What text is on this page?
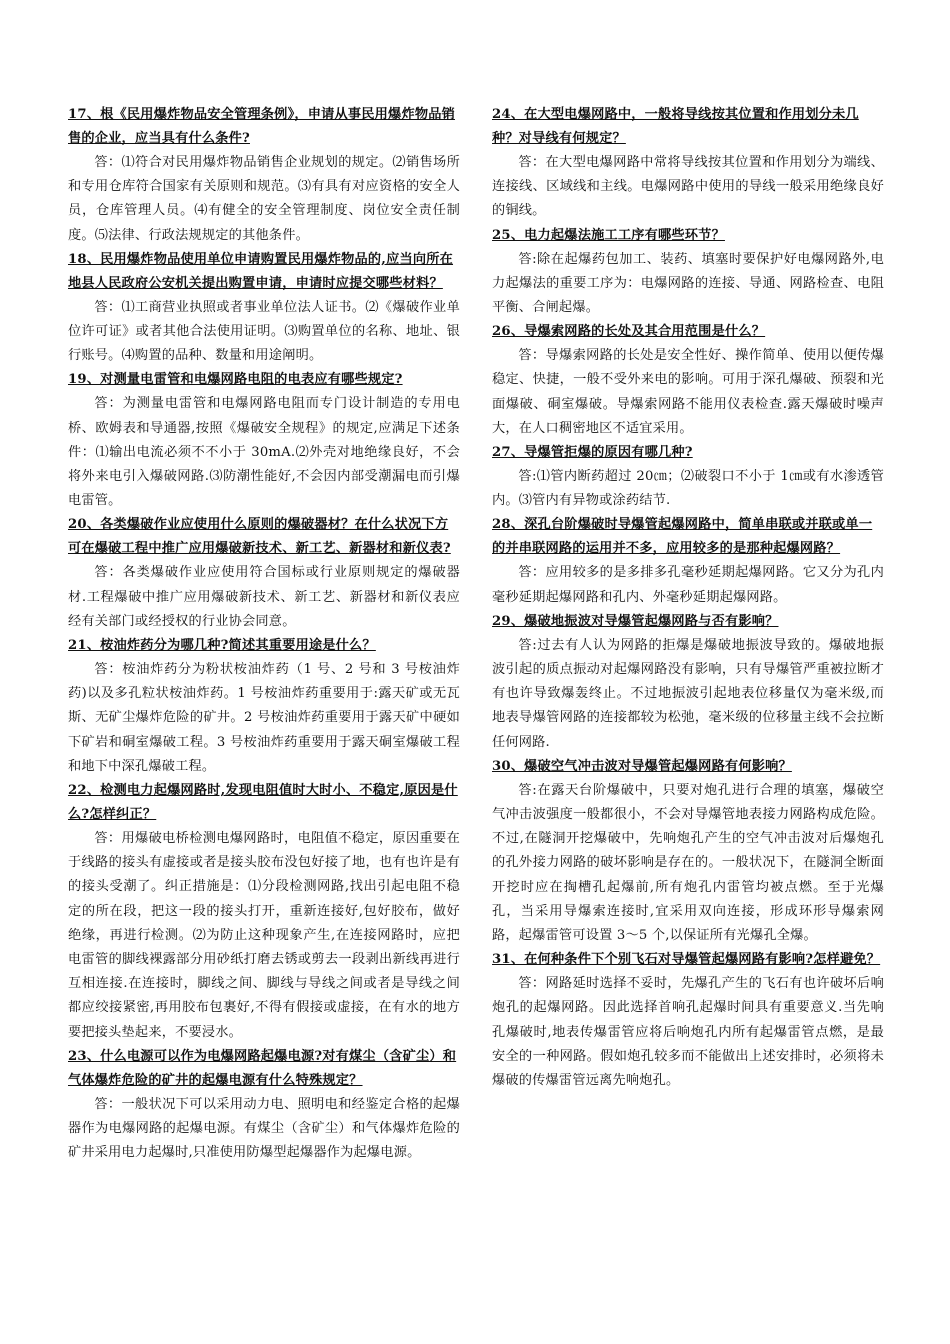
17、根《民用爆炸物品安全管理条例》，申请从事民用爆炸物品销售的企业，应当具有什么条件?

答：⑴符合对民用爆炸物品销售企业规划的规定。⑵销售场所和专用仓库符合国家有关原则和规范。⑶有具有对应资格的安全人员，仓库管理人员。⑷有健全的安全管理制度、岗位安全责任制度。⑸法律、行政法规规定的其他条件。

18、民用爆炸物品使用单位申请购置民用爆炸物品的,应当向所在地县人民政府公安机关提出购置申请，申请时应提交哪些材料？

答：⑴工商营业执照或者事业单位法人证书。⑵《爆破作业单位许可证》或者其他合法使用证明。⑶购置单位的名称、地址、银行账号。⑷购置的品种、数量和用途阐明。

19、对测量电雷管和电爆网路电阻的电表应有哪些规定?

答：为测量电雷管和电爆网路电阻而专门设计制造的专用电桥、欧姆表和导通器,按照《爆破安全规程》的规定,应满足下述条件：⑴输出电流必须不不小于 30mA.⑵外壳对地绝缘良好，不会将外来电引入爆破网路.⑶防潮性能好,不会因内部受潮漏电而引爆电雷管。

20、各类爆破作业应使用什么原则的爆破器材？在什么状况下方可在爆破工程中推广应用爆破新技术、新工艺、新器材和新仪表?

答：各类爆破作业应使用符合国标或行业原则规定的爆破器材.工程爆破中推广应用爆破新技术、新工艺、新器材和新仪表应经有关部门或经授权的行业协会同意。

21、桉油炸药分为哪几种?简述其重要用途是什么？

答：桉油炸药分为粉状桉油炸药（1 号、2 号和 3 号桉油炸药)以及多孔粒状桉油炸药。1 号桉油炸药重要用于:露天矿或无瓦斯、无矿尘爆炸危险的矿井。2 号桉油炸药重要用于露天矿中硬如下矿岩和硐室爆破工程。3 号桉油炸药重要用于露天硐室爆破工程和地下中深孔爆破工程。

22、检测电力起爆网路时,发现电阻值时大时小、不稳定,原因是什么?怎样纠正？

答：用爆破电桥检测电爆网路时，电阻值不稳定，原因重要在于线路的接头有虚接或者是接头胶布没包好接了地，也有也许是有的接头受潮了。纠正措施是：⑴分段检测网路,找出引起电阻不稳定的所在段，把这一段的接头打开，重新连接好,包好胶布，做好绝缘，再进行检测。⑵为防止这种现象产生,在连接网路时，应把电雷管的脚线裸露部分用砂纸打磨去锈或剪去一段剥出新线再进行互相连接.在连接时，脚线之间、脚线与导线之间或者是导线之间都应绞接紧密,再用胶布包裹好,不得有假接或虚接，在有水的地方要把接头垫起来，不要浸水。

23、什么电源可以作为电爆网路起爆电源?对有煤尘（含矿尘）和气体爆炸危险的矿井的起爆电源有什么特殊规定？

答：一般状况下可以采用动力电、照明电和经鉴定合格的起爆器作为电爆网路的起爆电源。有煤尘（含矿尘）和气体爆炸危险的矿井采用电力起爆时,只准使用防爆型起爆器作为起爆电源。

24、在大型电爆网路中，一般将导线按其位置和作用划分未几种？对导线有何规定？

答：在大型电爆网路中常将导线按其位置和作用划分为端线、连接线、区域线和主线。电爆网路中使用的导线一般采用绝缘良好的铜线。

25、电力起爆法施工工序有哪些环节？

答:除在起爆药包加工、装药、填塞时要保护好电爆网路外,电力起爆法的重要工序为：电爆网路的连接、导通、网路检查、电阻平衡、合闸起爆。

26、导爆索网路的长处及其合用范围是什么？

答：导爆索网路的长处是安全性好、操作简单、使用以便传爆稳定、快捷，一般不受外来电的影响。可用于深孔爆破、预裂和光面爆破、硐室爆破。导爆索网路不能用仪表检查.露天爆破时噪声大，在人口稠密地区不适宜采用。

27、导爆管拒爆的原因有哪几种?

答:⑴管内断药超过 20㎝；⑵破裂口不小于 1㎝或有水渗透管内。⑶管内有异物或涂药结节.

28、深孔台阶爆破时导爆管起爆网路中，简单串联或并联或单一的并串联网路的运用并不多，应用较多的是那种起爆网路？

答：应用较多的是多排多孔毫秒延期起爆网路。它又分为孔内毫秒延期起爆网路和孔内、外毫秒延期起爆网路。

29、爆破地振波对导爆管起爆网路与否有影响？

答:过去有人认为网路的拒爆是爆破地振波导致的。爆破地振波引起的质点振动对起爆网路没有影响，只有导爆管严重被拉断才有也许导致爆轰终止。不过地振波引起地表位移量仅为毫米级,而地表导爆管网路的连接都较为松弛，毫米级的位移量主线不会拉断任何网路.

30、爆破空气冲击波对导爆管起爆网路有何影响？

答:在露天台阶爆破中，只要对炮孔进行合理的填塞，爆破空气冲击波强度一般都很小，不会对导爆管地表接力网路构成危险。不过,在隧洞开挖爆破中，先响炮孔产生的空气冲击波对后爆炮孔的孔外接力网路的破坏影响是存在的。一般状况下，在隧洞全断面开挖时应在掏槽孔起爆前,所有炮孔内雷管均被点燃。至于光爆孔，当采用导爆索连接时,宜采用双向连接，形成环形导爆索网路，起爆雷管可设置 3～5 个,以保证所有光爆孔全爆。

31、在何种条件下个别飞石对导爆管起爆网路有影响?怎样避免？

答：网路延时选择不妥时，先爆孔产生的飞石有也许破坏后响炮孔的起爆网路。因此选择首响孔起爆时间具有重要意义.当先响孔爆破时,地表传爆雷管应将后响炮孔内所有起爆雷管点燃，是最安全的一种网路。假如炮孔较多而不能做出上述安排时，必须将未爆破的传爆雷管远离先响炮孔。
